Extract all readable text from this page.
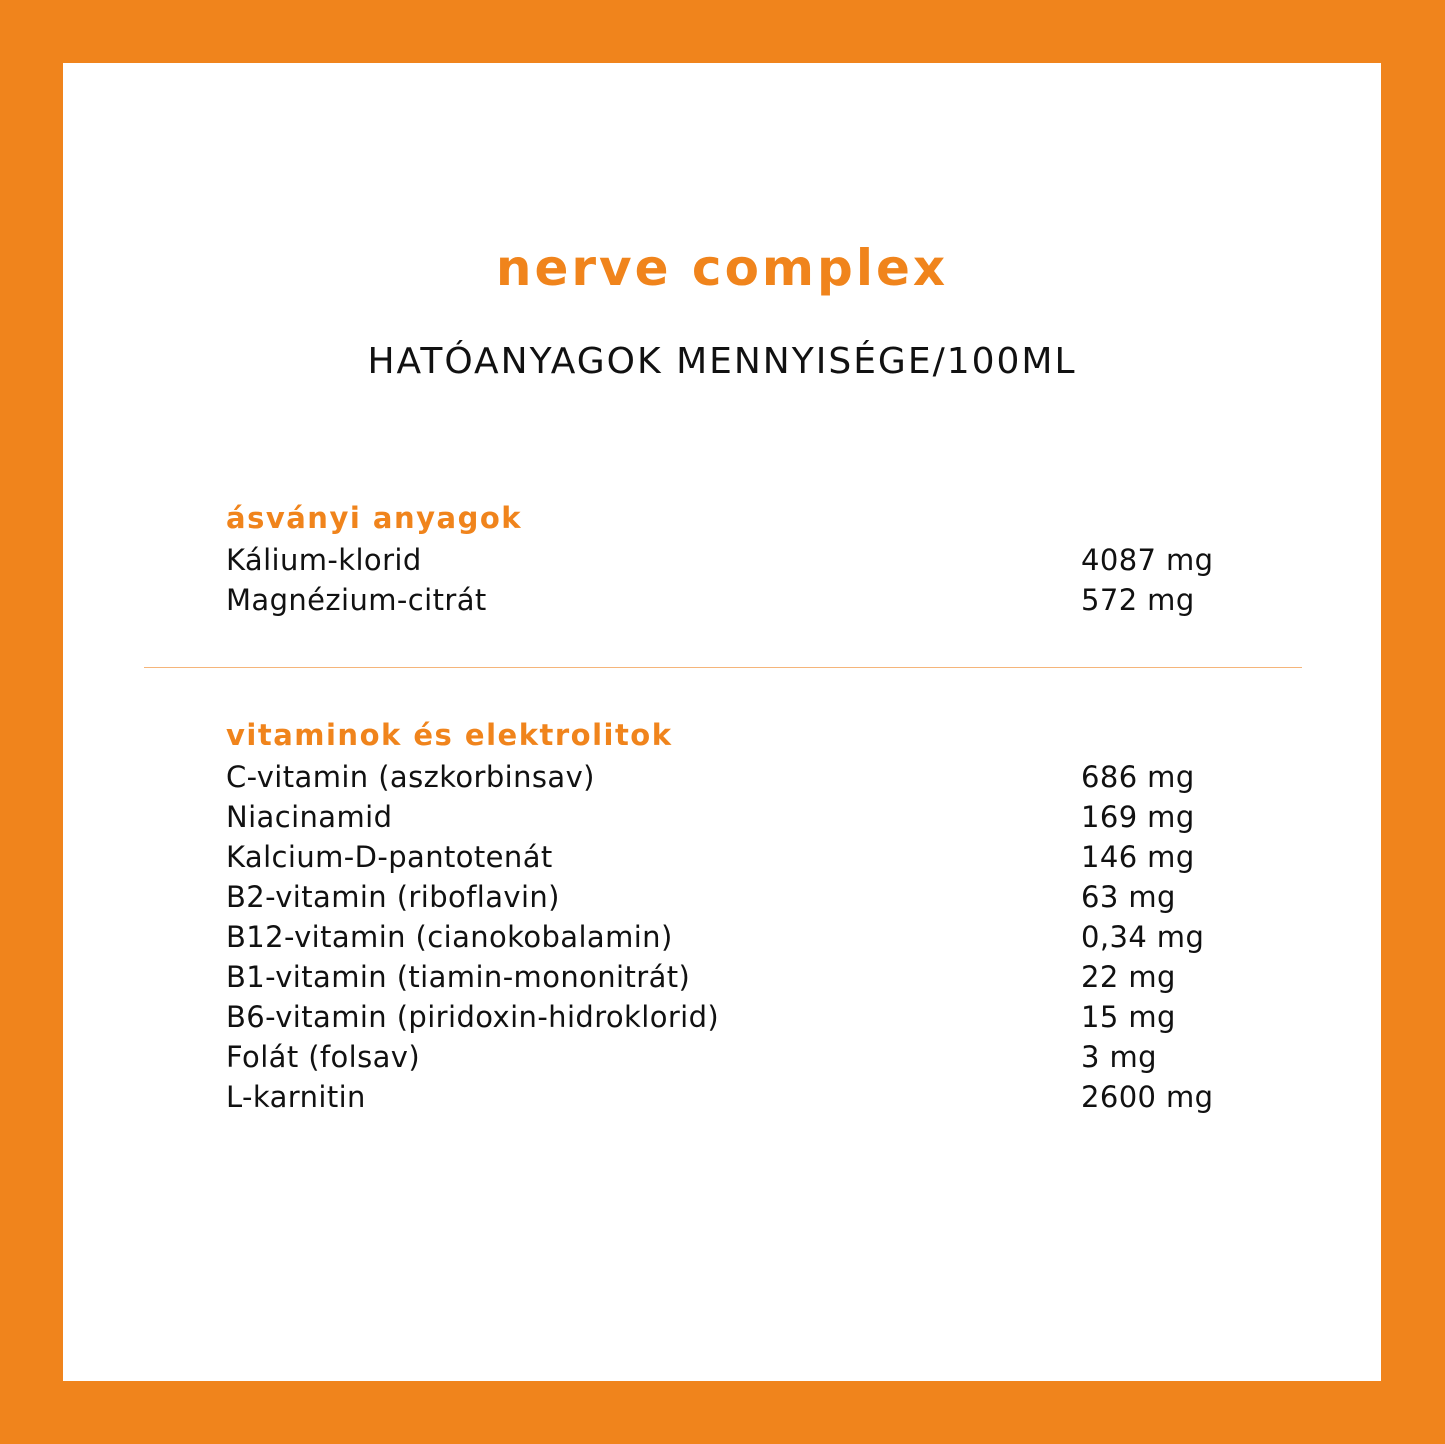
nerve complex
HATÓANYAGOK MENNYISÉGE/100ML
ásványi anyagok
Kálium-klorid	4087 mg
Magnézium-citrát	572 mg
vitaminok és elektrolitok
C-vitamin (aszkorbinsav)	686 mg
Niacinamid	169 mg
Kalcium-D-pantotenát	146 mg
B2-vitamin (riboflavin)	63 mg
B12-vitamin (cianokobalamin)	0,34 mg
B1-vitamin (tiamin-mononitrát)	22 mg
B6-vitamin (piridoxin-hidroklorid)	15 mg
Folát (folsav)	3 mg
L-karnitin	2600 mg
